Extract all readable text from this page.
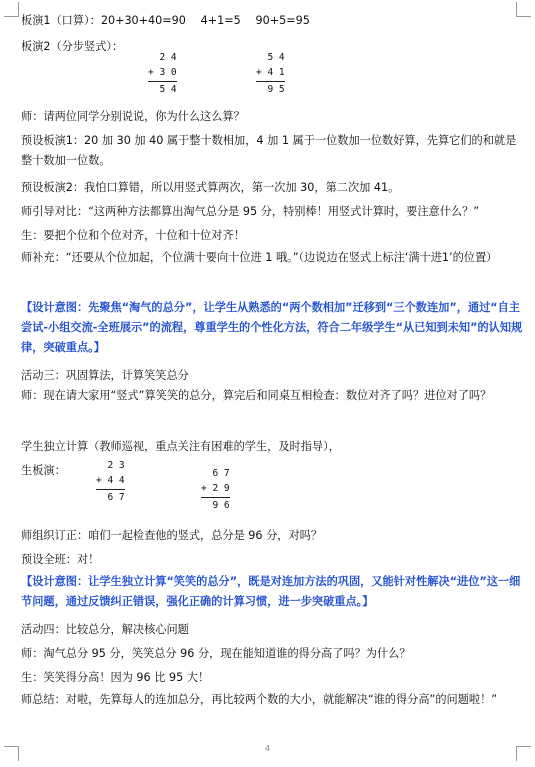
板演1（口算）：20+30+40=90　 4+1=5　 90+5=95
板演2（分步竖式）：
2 4
+ 3 0
5 4
5 4
+ 4 1
9 5
师：请两位同学分别说说，你为什么这么算？
预设板演1：20 加 30 加 40 属于整十数相加，4 加 1 属于一位数加一位数好算，先算它们的和就是整十数加一位数。
预设板演2：我怕口算错，所以用竖式算两次，第一次加 30，第二次加 41。
师引导对比：“这两种方法都算出淘气总分是 95 分，特别棒！用竖式计算时，要注意什么？”
生：要把个位和个位对齐，十位和十位对齐！
师补充：“还要从个位加起，个位满十要向十位进 1 哦。”（边说边在竖式上标注‘满十进1’的位置）
【设计意图：先聚焦“淘气的总分”，让学生从熟悉的“两个数相加”迁移到“三个数连加”，通过“自主尝试-小组交流-全班展示”的流程，尊重学生的个性化方法，符合二年级学生“从已知到未知”的认知规律，突破重点。】
活动三：巩固算法，计算笑笑总分
师：现在请大家用“竖式”算笑笑的总分，算完后和同桌互相检查：数位对齐了吗？进位对了吗？
学生独立计算（教师巡视，重点关注有困难的学生，及时指导），
生板演：	2 3
+ 4 4
6 7
6 7
+ 2 9
9 6
师组织订正：咱们一起检查他的竖式，总分是 96 分，对吗？
预设全班：对！
【设计意图：让学生独立计算“笑笑的总分”，既是对连加方法的巩固，又能针对性解决“进位”这一细节问题，通过反馈纠正错误，强化正确的计算习惯，进一步突破重点。】
活动四：比较总分，解决核心问题
师：淘气总分 95 分，笑笑总分 96 分，现在能知道谁的得分高了吗？为什么？
生：笑笑得分高！因为 96 比 95 大！
师总结：对啦，先算每人的连加总分，再比较两个数的大小，就能解决“谁的得分高”的问题啦！”
4
